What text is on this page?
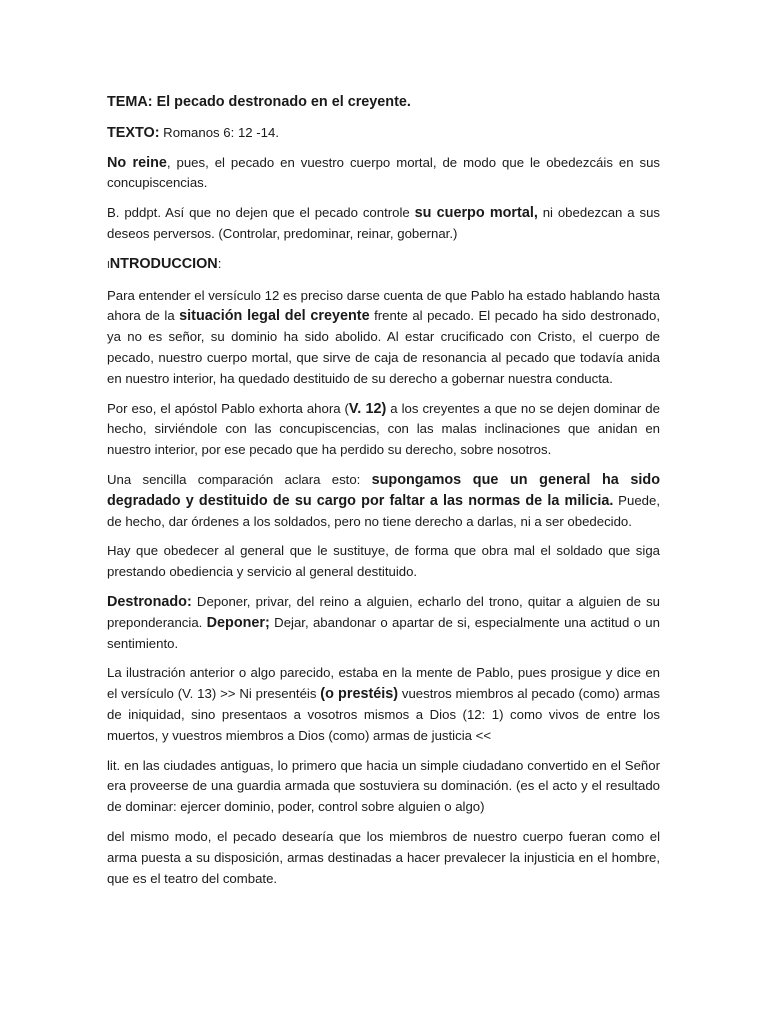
TEMA: El pecado destronado en el creyente.

TEXTO: Romanos 6: 12 -14.

No reine, pues, el pecado en vuestro cuerpo mortal, de modo que le obedezcáis en sus concupiscencias.

B. pddpt. Así que no dejen que el pecado controle su cuerpo mortal, ni obedezcan a sus deseos perversos. (Controlar, predominar, reinar, gobernar.)

INTRODUCCION:

Para entender el versículo 12 es preciso darse cuenta de que Pablo ha estado hablando hasta ahora de la situación legal del creyente frente al pecado. El pecado ha sido destronado, ya no es señor, su dominio ha sido abolido. Al estar crucificado con Cristo, el cuerpo de pecado, nuestro cuerpo mortal, que sirve de caja de resonancia al pecado que todavía anida en nuestro interior, ha quedado destituido de su derecho a gobernar nuestra conducta.

Por eso, el apóstol Pablo exhorta ahora (V. 12) a los creyentes a que no se dejen dominar de hecho, sirviéndole con las concupiscencias, con las malas inclinaciones que anidan en nuestro interior, por ese pecado que ha perdido su derecho, sobre nosotros.

Una sencilla comparación aclara esto: supongamos que un general ha sido degradado y destituido de su cargo por faltar a las normas de la milicia. Puede, de hecho, dar órdenes a los soldados, pero no tiene derecho a darlas, ni a ser obedecido.

Hay que obedecer al general que le sustituye, de forma que obra mal el soldado que siga prestando obediencia y servicio al general destituido.

Destronado: Deponer, privar, del reino a alguien, echarlo del trono, quitar a alguien de su preponderancia. Deponer; Dejar, abandonar o apartar de si, especialmente una actitud o un sentimiento.

La ilustración anterior o algo parecido, estaba en la mente de Pablo, pues prosigue y dice en el versículo (V. 13) >> Ni presentéis (o prestéis) vuestros miembros al pecado (como) armas de iniquidad, sino presentaos a vosotros mismos a Dios (12: 1) como vivos de entre los muertos, y vuestros miembros a Dios (como) armas de justicia <<

lit. en las ciudades antiguas, lo primero que hacia un simple ciudadano convertido en el Señor era proveerse de una guardia armada que sostuviera su dominación. (es el acto y el resultado de dominar: ejercer dominio, poder, control sobre alguien o algo)

del mismo modo, el pecado desearía que los miembros de nuestro cuerpo fueran como el arma puesta a su disposición, armas destinadas a hacer prevalecer la injusticia en el hombre, que es el teatro del combate.
